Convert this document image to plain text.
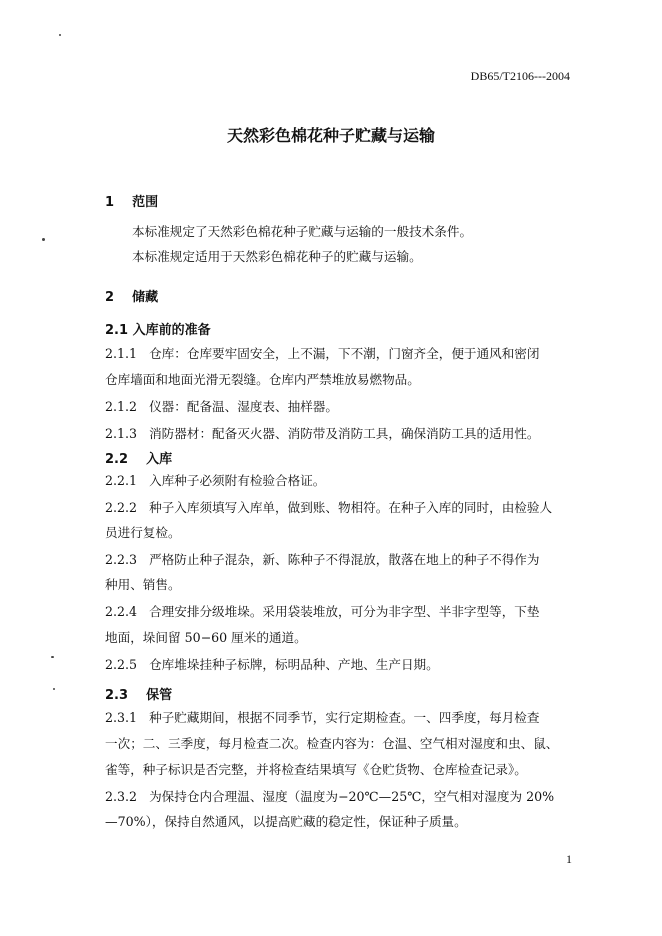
DB65/T2106---2004
天然彩色棉花种子贮藏与运输
1 范围
本标准规定了天然彩色棉花种子贮藏与运输的一般技术条件。
本标准规定适用于天然彩色棉花种子的贮藏与运输。
2 储藏
2.1 入库前的准备
2.1.1 仓库：仓库要牢固安全，上不漏，下不潮，门窗齐全，便于通风和密闭
仓库墙面和地面光滑无裂缝。仓库内严禁堆放易燃物品。
2.1.2 仪器：配备温、湿度表、抽样器。
2.1.3 消防器材：配备灭火器、消防带及消防工具，确保消防工具的适用性。
2.2 入库
2.2.1 入库种子必须附有检验合格证。
2.2.2 种子入库须填写入库单，做到账、物相符。在种子入库的同时，由检验人
员进行复检。
2.2.3 严格防止种子混杂，新、陈种子不得混放，散落在地上的种子不得作为
种用、销售。
2.2.4 合理安排分级堆垛。采用袋装堆放，可分为非字型、半非字型等，下垫
地面，垛间留 50−60 厘米的通道。
2.2.5 仓库堆垛挂种子标牌，标明品种、产地、生产日期。
2.3 保管
2.3.1 种子贮藏期间，根据不同季节，实行定期检查。一、四季度，每月检查
一次；二、三季度，每月检查二次。检查内容为：仓温、空气相对湿度和虫、鼠、
雀等，种子标识是否完整，并将检查结果填写《仓贮货物、仓库检查记录》。
2.3.2 为保持仓内合理温、湿度（温度为−20℃—25℃，空气相对湿度为 20%
—70%），保持自然通风，以提高贮藏的稳定性，保证种子质量。
1
